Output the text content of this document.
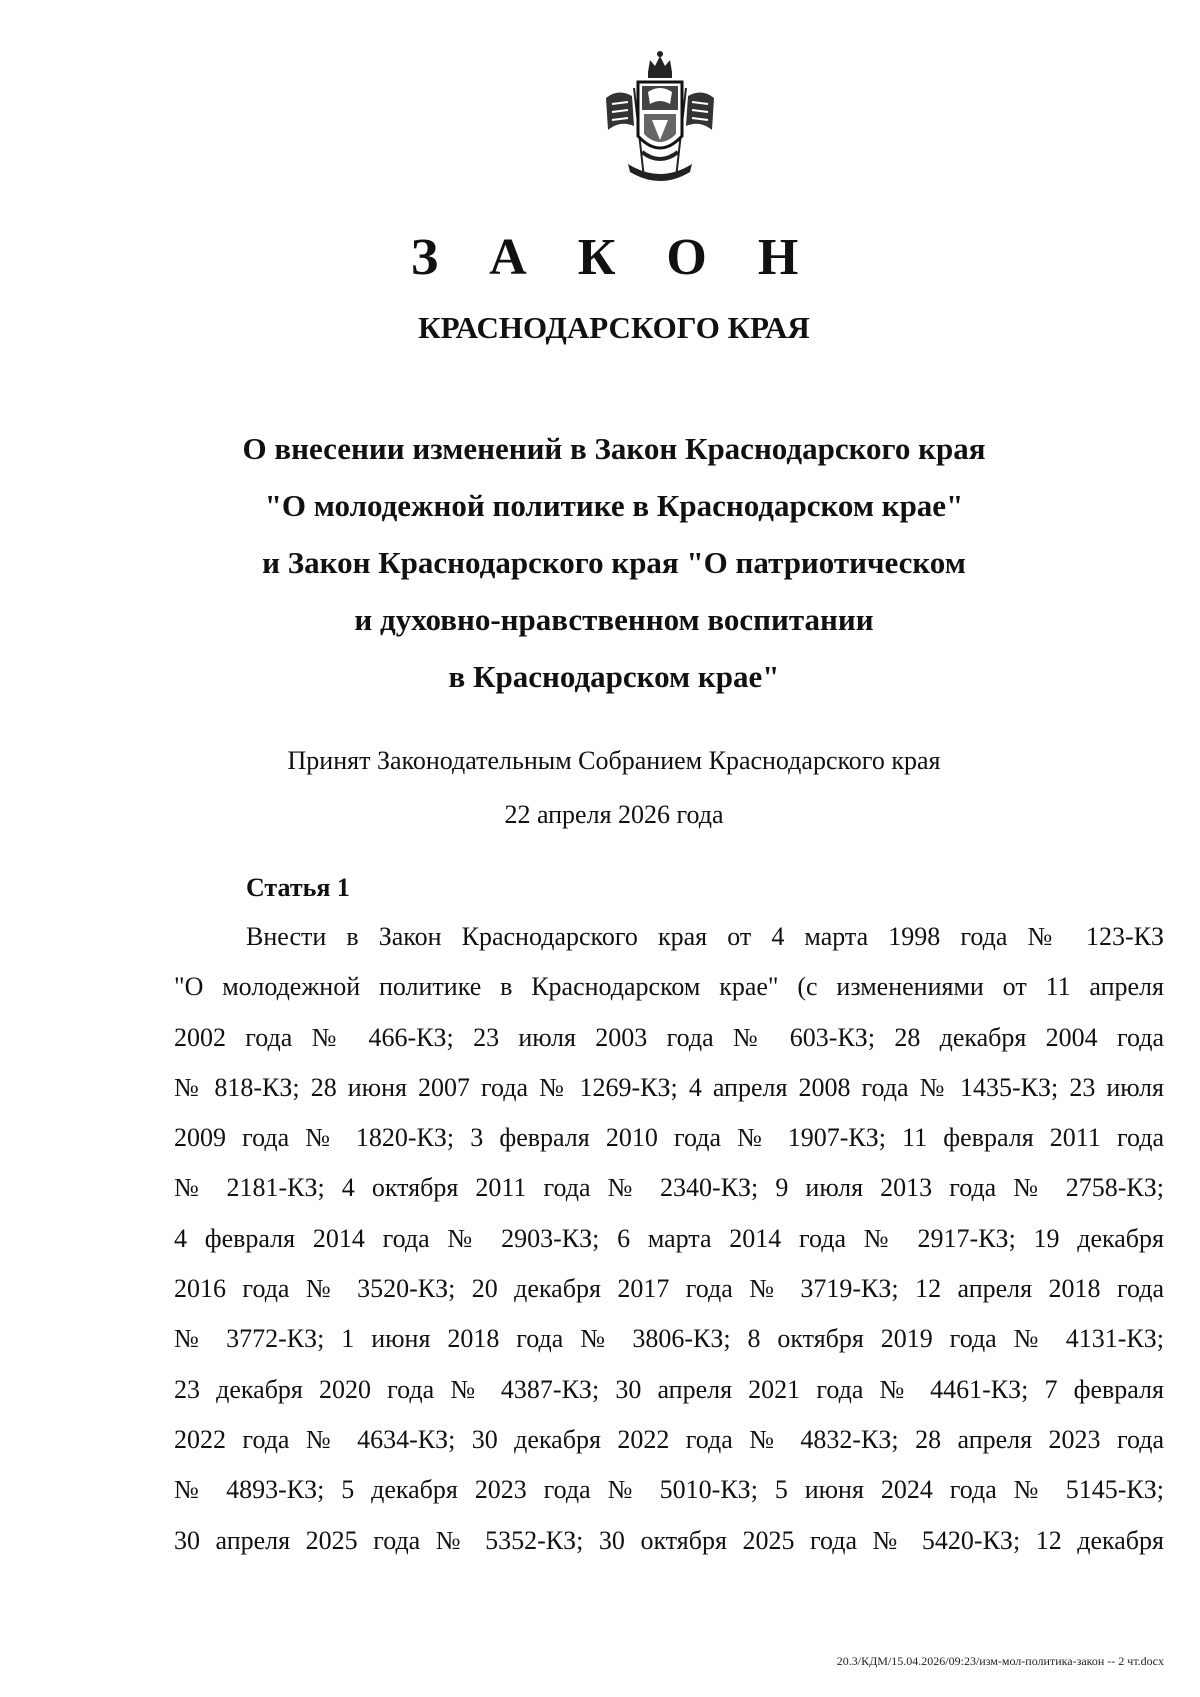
З А К О Н
КРАСНОДАРСКОГО КРАЯ
О внесении изменений в Закон Краснодарского края
"О молодежной политике в Краснодарском крае"
и Закон Краснодарского края "О патриотическом
и духовно-нравственном воспитании
в Краснодарском крае"
Принят Законодательным Собранием Краснодарского края
22 апреля 2026 года
Статья 1
Внести в Закон Краснодарского края от 4 марта 1998 года № 123-КЗ
"О молодежной политике в Краснодарском крае" (с изменениями от 11 апреля
2002 года № 466-КЗ; 23 июля 2003 года № 603-КЗ; 28 декабря 2004 года
№ 818-КЗ; 28 июня 2007 года № 1269-КЗ; 4 апреля 2008 года № 1435-КЗ; 23 июля
2009 года № 1820-КЗ; 3 февраля 2010 года № 1907-КЗ; 11 февраля 2011 года
№ 2181-КЗ; 4 октября 2011 года № 2340-КЗ; 9 июля 2013 года № 2758-КЗ;
4 февраля 2014 года № 2903-КЗ; 6 марта 2014 года № 2917-КЗ; 19 декабря
2016 года № 3520-КЗ; 20 декабря 2017 года № 3719-КЗ; 12 апреля 2018 года
№ 3772-КЗ; 1 июня 2018 года № 3806-КЗ; 8 октября 2019 года № 4131-КЗ;
23 декабря 2020 года № 4387-КЗ; 30 апреля 2021 года № 4461-КЗ; 7 февраля
2022 года № 4634-КЗ; 30 декабря 2022 года № 4832-КЗ; 28 апреля 2023 года
№ 4893-КЗ; 5 декабря 2023 года № 5010-КЗ; 5 июня 2024 года № 5145-КЗ;
30 апреля 2025 года № 5352-КЗ; 30 октября 2025 года № 5420-КЗ; 12 декабря
20.3/КДМ/15.04.2026/09:23/изм-мол-политика-закон -- 2 чт.docx
